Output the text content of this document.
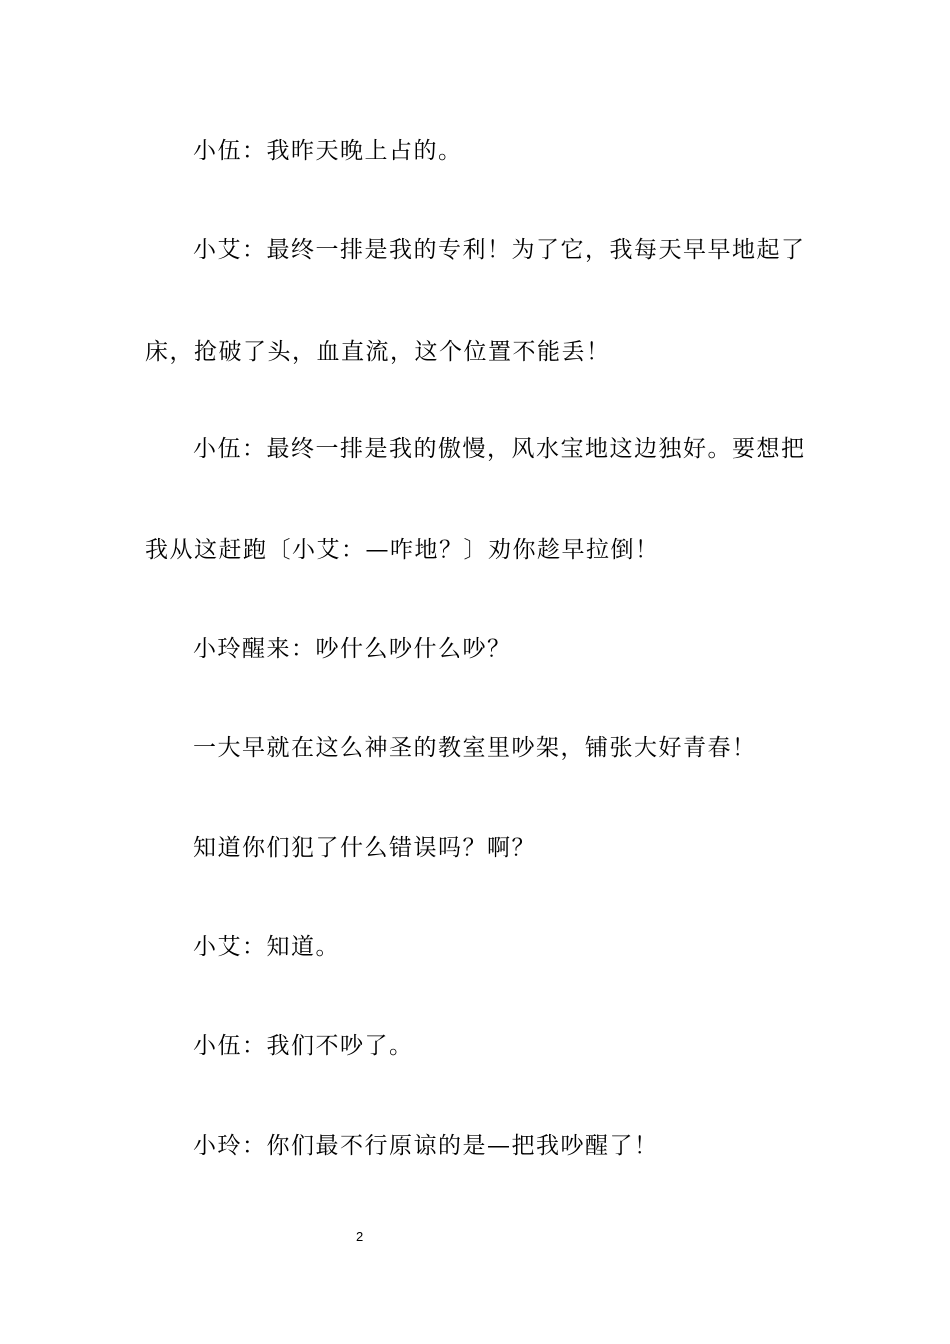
小伍：我昨天晚上占的。
小艾：最终一排是我的专利！为了它，我每天早早地起了
床，抢破了头，血直流，这个位置不能丢！
小伍：最终一排是我的傲慢，风水宝地这边独好。要想把
我从这赶跑〔小艾：—咋地？〕劝你趁早拉倒！
小玲醒来：吵什么吵什么吵？
一大早就在这么神圣的教室里吵架，铺张大好青春！
知道你们犯了什么错误吗？啊？
小艾：知道。
小伍：我们不吵了。
小玲：你们最不行原谅的是—把我吵醒了！
2
